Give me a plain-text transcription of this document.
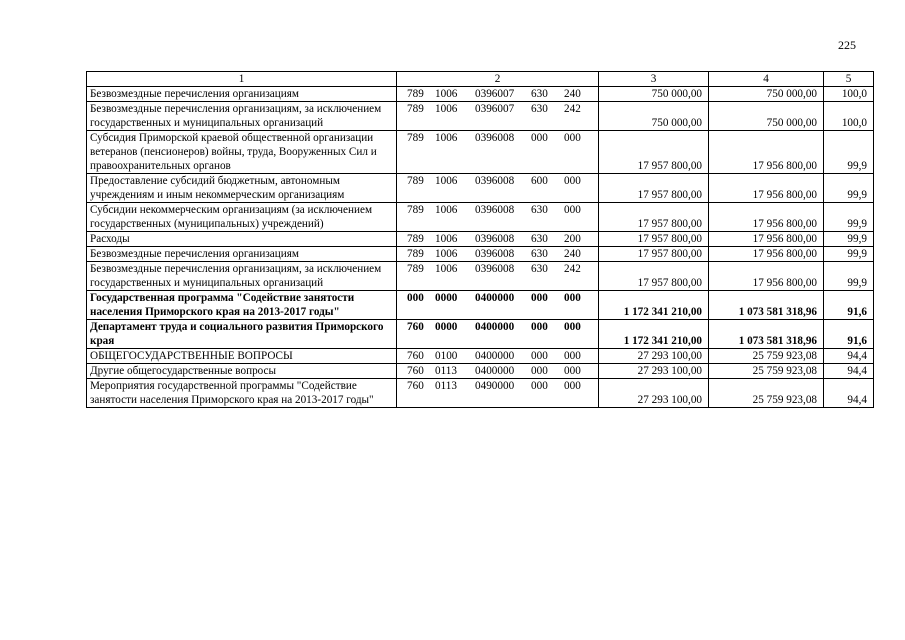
225
1	2	3	4	5
Безвозмездные перечисления организациям	789 1006 0396007 630 240	750 000,00	750 000,00	100,0
Безвозмездные перечисления организациям, за исключением государственных и муниципальных организаций	789 1006 0396007 630 242	750 000,00	750 000,00	100,0
Субсидия Приморской краевой общественной организации ветеранов (пенсионеров) войны, труда, Вооруженных Сил и правоохранительных органов	789 1006 0396008 000 000	17 957 800,00	17 956 800,00	99,9
Предоставление субсидий бюджетным, автономным учреждениям и иным некоммерческим организациям	789 1006 0396008 600 000	17 957 800,00	17 956 800,00	99,9
Субсидии некоммерческим организациям (за исключением государственных (муниципальных) учреждений)	789 1006 0396008 630 000	17 957 800,00	17 956 800,00	99,9
Расходы	789 1006 0396008 630 200	17 957 800,00	17 956 800,00	99,9
Безвозмездные перечисления организациям	789 1006 0396008 630 240	17 957 800,00	17 956 800,00	99,9
Безвозмездные перечисления организациям, за исключением государственных и муниципальных организаций	789 1006 0396008 630 242	17 957 800,00	17 956 800,00	99,9
Государственная программа "Содействие занятости населения Приморского края на 2013-2017 годы"	000 0000 0400000 000 000	1 172 341 210,00	1 073 581 318,96	91,6
Департамент труда и социального развития Приморского края	760 0000 0400000 000 000	1 172 341 210,00	1 073 581 318,96	91,6
ОБЩЕГОСУДАРСТВЕННЫЕ ВОПРОСЫ	760 0100 0400000 000 000	27 293 100,00	25 759 923,08	94,4
Другие общегосударственные вопросы	760 0113 0400000 000 000	27 293 100,00	25 759 923,08	94,4
Мероприятия государственной программы "Содействие занятости населения Приморского края на 2013-2017 годы"	760 0113 0490000 000 000	27 293 100,00	25 759 923,08	94,4
